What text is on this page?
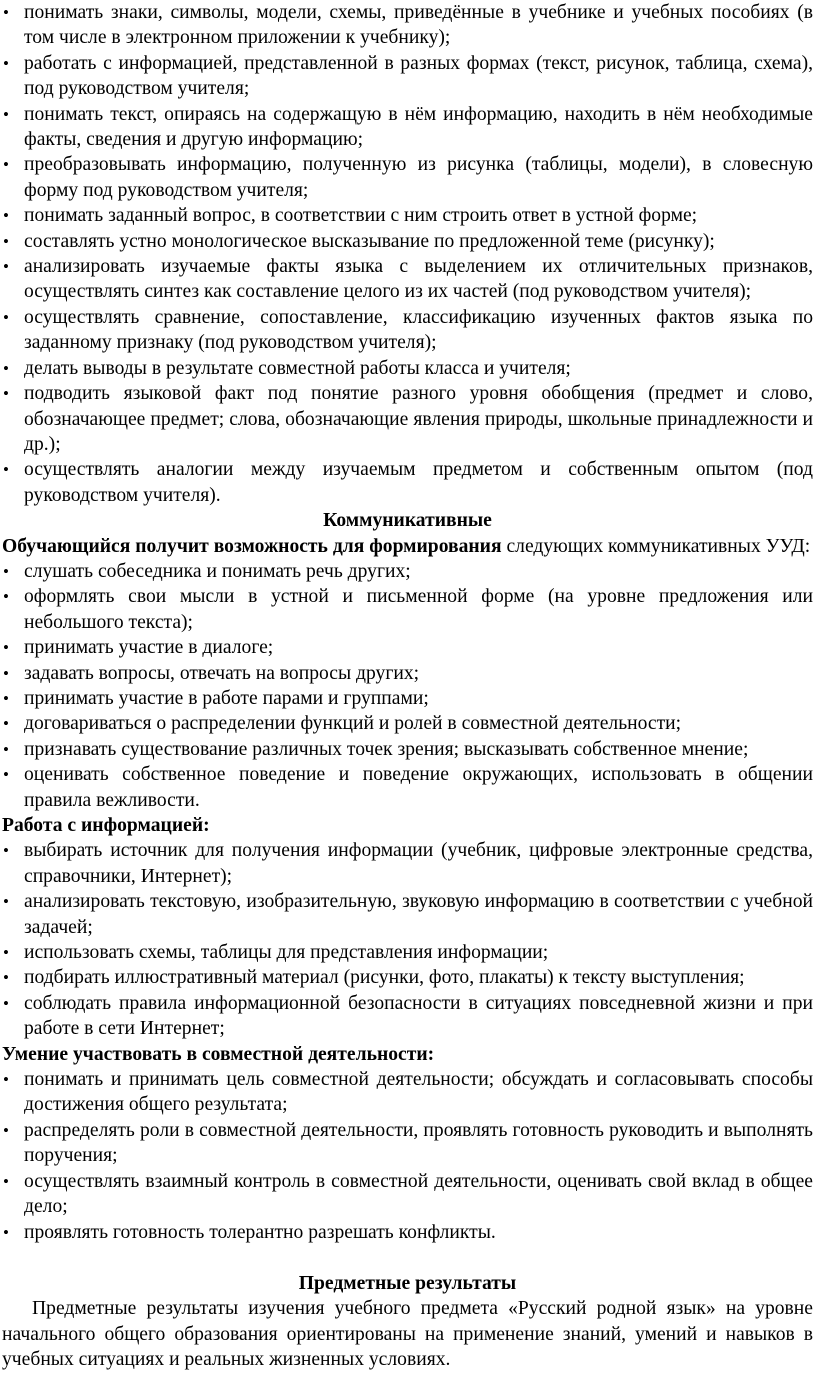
• понимать знаки, символы, модели, схемы, приведённые в учебнике и учебных пособиях (в том числе в электронном приложении к учебнику);
• работать с информацией, представленной в разных формах (текст, рисунок, таблица, схема), под руководством учителя;
• понимать текст, опираясь на содержащую в нём информацию, находить в нём необходимые факты, сведения и другую информацию;
• преобразовывать информацию, полученную из рисунка (таблицы, модели), в словесную форму под руководством учителя;
• понимать заданный вопрос, в соответствии с ним строить ответ в устной форме;
• составлять устно монологическое высказывание по предложенной теме (рисунку);
• анализировать изучаемые факты языка с выделением их отличительных признаков, осуществлять синтез как составление целого из их частей (под руководством учителя);
• осуществлять сравнение, сопоставление, классификацию изученных фактов языка по заданному признаку (под руководством учителя);
• делать выводы в результате совместной работы класса и учителя;
• подводить языковой факт под понятие разного уровня обобщения (предмет и слово, обозначающее предмет; слова, обозначающие явления природы, школьные принадлежности и др.);
• осуществлять аналогии между изучаемым предметом и собственным опытом (под руководством учителя).
Коммуникативные
Обучающийся получит возможность для формирования следующих коммуникативных УУД:
• слушать собеседника и понимать речь других;
• оформлять свои мысли в устной и письменной форме (на уровне предложения или небольшого текста);
• принимать участие в диалоге;
• задавать вопросы, отвечать на вопросы других;
• принимать участие в работе парами и группами;
• договариваться о распределении функций и ролей в совместной деятельности;
• признавать существование различных точек зрения; высказывать собственное мнение;
• оценивать собственное поведение и поведение окружающих, использовать в общении правила вежливости.
Работа с информацией:
• выбирать источник для получения информации (учебник, цифровые электронные средства, справочники, Интернет);
• анализировать текстовую, изобразительную, звуковую информацию в соответствии с учебной задачей;
• использовать схемы, таблицы для представления информации;
• подбирать иллюстративный материал (рисунки, фото, плакаты) к тексту выступления;
• соблюдать правила информационной безопасности в ситуациях повседневной жизни и при работе в сети Интернет;
Умение участвовать в совместной деятельности:
• понимать и принимать цель совместной деятельности; обсуждать и согласовывать способы достижения общего результата;
• распределять роли в совместной деятельности, проявлять готовность руководить и выполнять поручения;
• осуществлять взаимный контроль в совместной деятельности, оценивать свой вклад в общее дело;
• проявлять готовность толерантно разрешать конфликты.
Предметные результаты
Предметные результаты изучения учебного предмета «Русский родной язык» на уровне начального общего образования ориентированы на применение знаний, умений и навыков в учебных ситуациях и реальных жизненных условиях.
